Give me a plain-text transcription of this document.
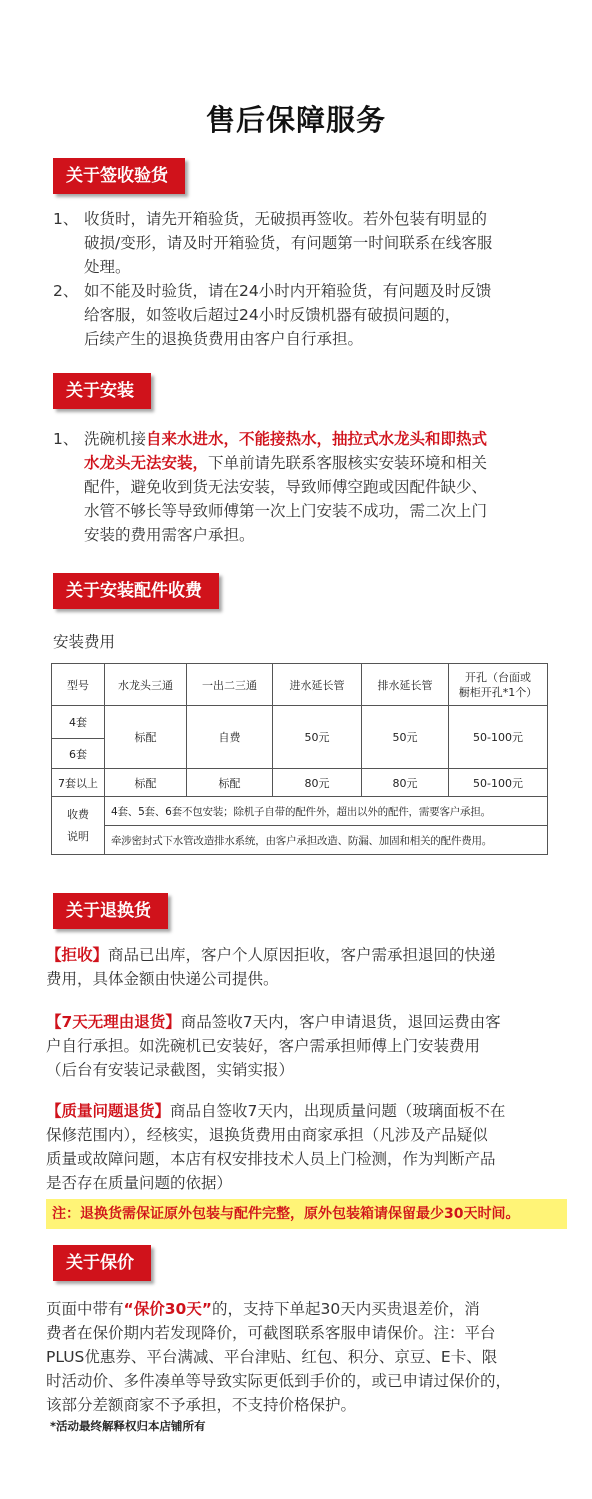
售后保障服务
关于签收验货
1、 收货时，请先开箱验货，无破损再签收。若外包装有明显的
破损/变形，请及时开箱验货，有问题第一时间联系在线客服
处理。
2、 如不能及时验货，请在24小时内开箱验货，有问题及时反馈
给客服，如签收后超过24小时反馈机器有破损问题的，
后续产生的退换货费用由客户自行承担。
关于安装
1、 洗碗机接自来水进水，不能接热水，抽拉式水龙头和即热式
水龙头无法安装，下单前请先联系客服核实安装环境和相关
配件，避免收到货无法安装，导致师傅空跑或因配件缺少、
水管不够长等导致师傅第一次上门安装不成功，需二次上门
安装的费用需客户承担。
关于安装配件收费
安装费用
型号	水龙头三通	一出二三通	进水延长管	排水延长管	开孔（台面或
橱柜开孔*1个）

4套	标配	自费	50元	50元	50-100元
6套					
7套以上	标配	标配	80元	80元	50-100元

收费
说明	4套、5套、6套不包安装；除机子自带的配件外，超出以外的配件，需要客户承担。				
	牵涉密封式下水管改造排水系统，由客户承担改造、防漏、加固和相关的配件费用。				
关于退换货
【拒收】商品已出库，客户个人原因拒收，客户需承担退回的快递
费用，具体金额由快递公司提供。
【7天无理由退货】商品签收7天内，客户申请退货，退回运费由客
户自行承担。如洗碗机已安装好，客户需承担师傅上门安装费用
（后台有安装记录截图，实销实报）
【质量问题退货】商品自签收7天内，出现质量问题（玻璃面板不在
保修范围内），经核实，退换货费用由商家承担（凡涉及产品疑似
质量或故障问题，本店有权安排技术人员上门检测，作为判断产品
是否存在质量问题的依据）
注：退换货需保证原外包装与配件完整，原外包装箱请保留最少30天时间。
关于保价
页面中带有“保价30天”的，支持下单起30天内买贵退差价，消
费者在保价期内若发现降价，可截图联系客服申请保价。注：平台
PLUS优惠券、平台满减、平台津贴、红包、积分、京豆、E卡、限
时活动价、多件凑单等导致实际更低到手价的，或已申请过保价的，
该部分差额商家不予承担，不支持价格保护。
*活动最终解释权归本店铺所有
